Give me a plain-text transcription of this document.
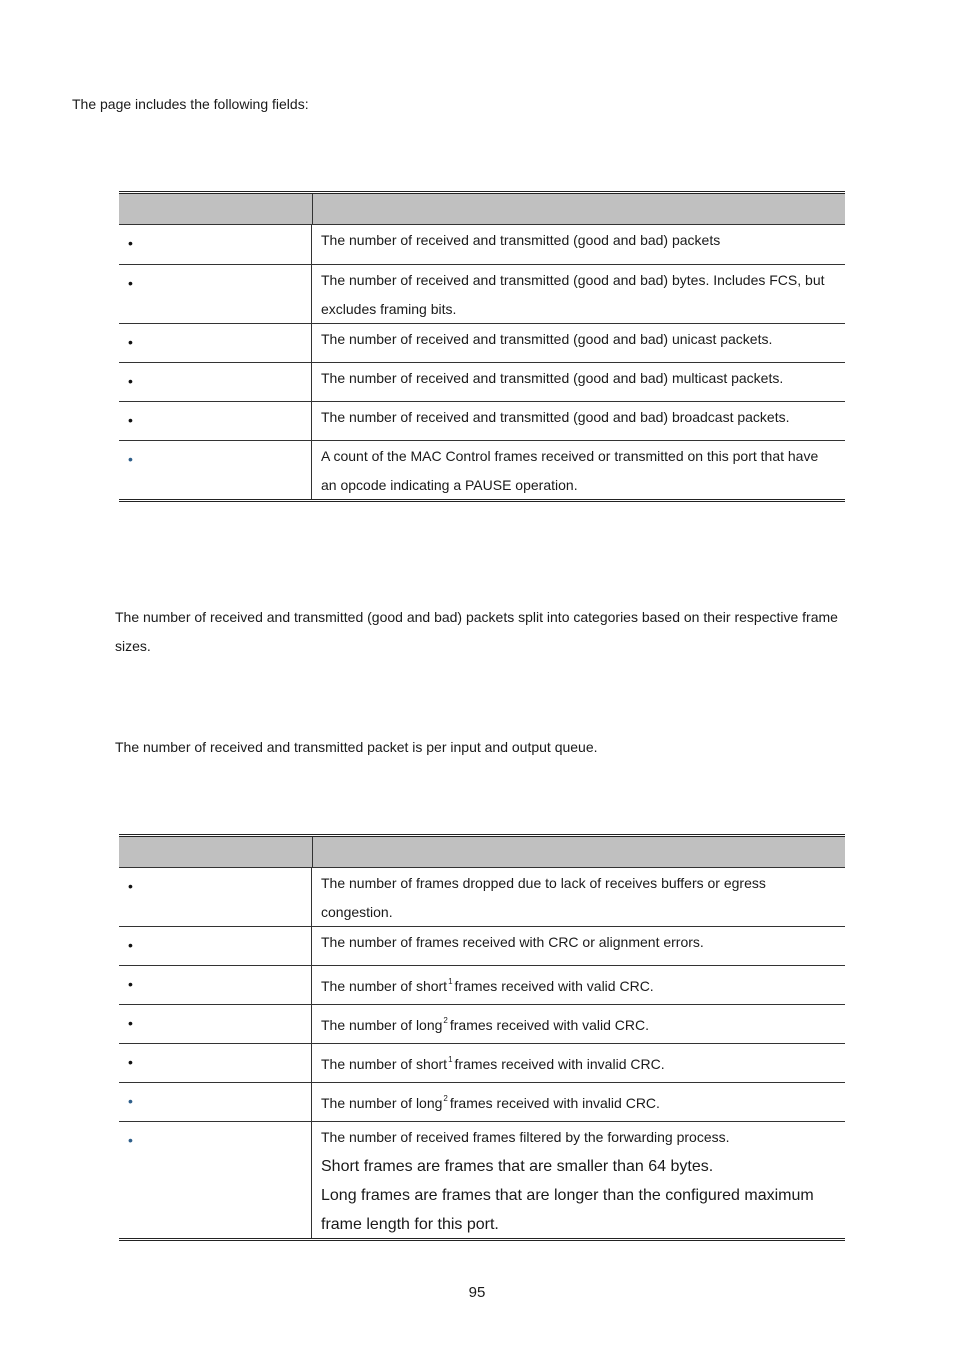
The page includes the following fields:
•	The number of received and transmitted (good and bad) packets
•	The number of received and transmitted (good and bad) bytes. Includes FCS, but excludes framing bits.
•	The number of received and transmitted (good and bad) unicast packets.
•	The number of received and transmitted (good and bad) multicast packets.
•	The number of received and transmitted (good and bad) broadcast packets.
•	A count of the MAC Control frames received or transmitted on this port that have an opcode indicating a PAUSE operation.
The number of received and transmitted (good and bad) packets split into categories based on their respective frame sizes.
The number of received and transmitted packet is per input and output queue.
•	The number of frames dropped due to lack of receives buffers or egress congestion.
•	The number of frames received with CRC or alignment errors.
•	The number of short$^1$ frames received with valid CRC.
•	The number of long$^2$ frames received with valid CRC.
•	The number of short$^1$ frames received with invalid CRC.
•	The number of long$^2$ frames received with invalid CRC.
•	The number of received frames filtered by the forwarding process.
Short frames are frames that are smaller than 64 bytes.
Long frames are frames that are longer than the configured maximum frame length for this port.
95
